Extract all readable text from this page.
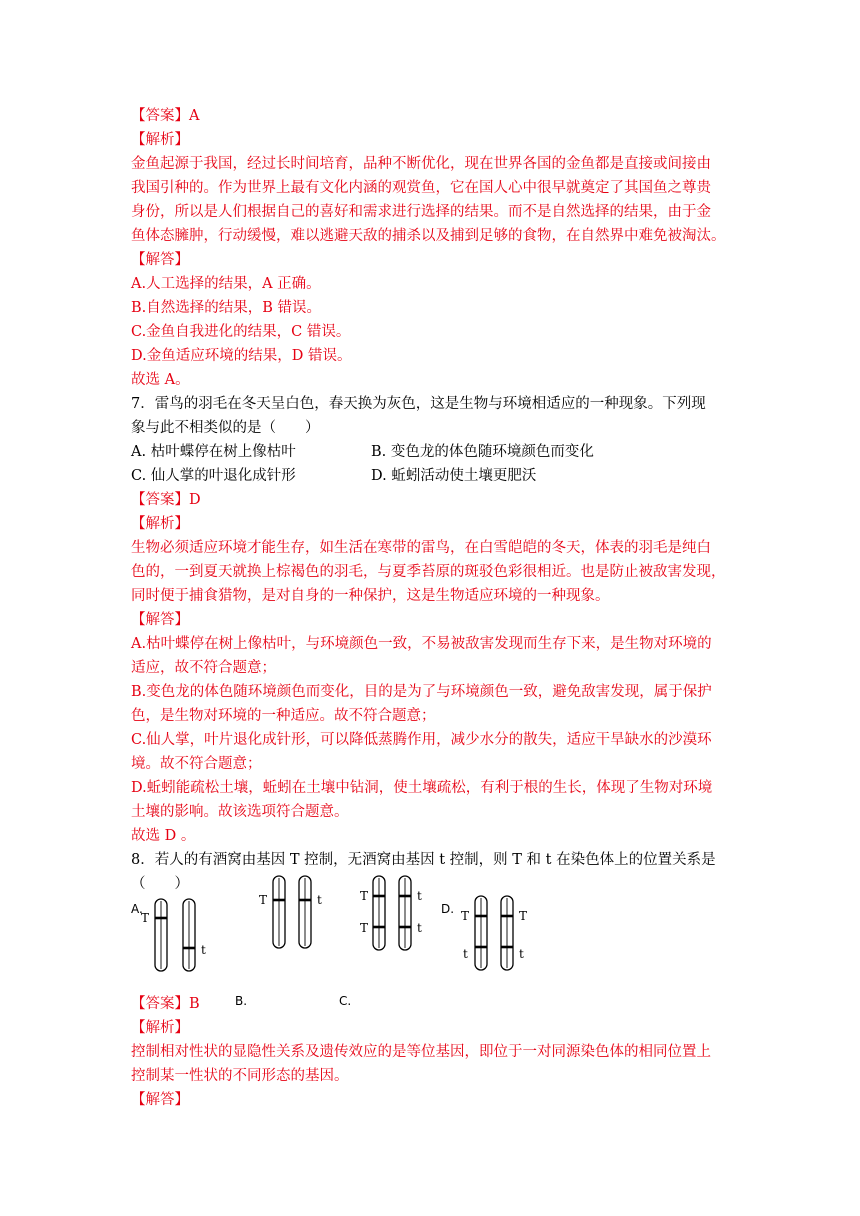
【答案】A
【解析】
金鱼起源于我国，经过长时间培育，品种不断优化，现在世界各国的金鱼都是直接或间接由
我国引种的。作为世界上最有文化内涵的观赏鱼，它在国人心中很早就奠定了其国鱼之尊贵
身份，所以是人们根据自己的喜好和需求进行选择的结果。而不是自然选择的结果，由于金
鱼体态臃肿，行动缓慢，难以逃避天敌的捕杀以及捕到足够的食物，在自然界中难免被淘汰。
【解答】
A.人工选择的结果，A 正确。
B.自然选择的结果，B 错误。
C.金鱼自我进化的结果，C 错误。
D.金鱼适应环境的结果，D 错误。
故选 A。
7．雷鸟的羽毛在冬天呈白色，春天换为灰色，这是生物与环境相适应的一种现象。下列现
象与此不相类似的是（　　）
A. 枯叶蝶停在树上像枯叶	B. 变色龙的体色随环境颜色而变化
C. 仙人掌的叶退化成针形	D. 蚯蚓活动使土壤更肥沃
【答案】D
【解析】
生物必须适应环境才能生存，如生活在寒带的雷鸟，在白雪皑皑的冬天，体表的羽毛是纯白
色的，一到夏天就换上棕褐色的羽毛，与夏季苔原的斑驳色彩很相近。也是防止被敌害发现，
同时便于捕食猎物，是对自身的一种保护，这是生物适应环境的一种现象。
【解答】
A.枯叶蝶停在树上像枯叶，与环境颜色一致，不易被敌害发现而生存下来，是生物对环境的
适应，故不符合题意；
B.变色龙的体色随环境颜色而变化，目的是为了与环境颜色一致，避免敌害发现，属于保护
色，是生物对环境的一种适应。故不符合题意；
C.仙人掌，叶片退化成针形，可以降低蒸腾作用，减少水分的散失，适应干旱缺水的沙漠环
境。故不符合题意；
D.蚯蚓能疏松土壤，蚯蚓在土壤中钻洞，使土壤疏松，有利于根的生长，体现了生物对环境
土壤的影响。故该选项符合题意。
故选 D 。
8．若人的有酒窝由基因 T 控制，无酒窝由基因 t 控制，则 T 和 t 在染色体上的位置关系是
（　　）
A.
B.	C.
D.
T
t
T	t	T
T
t
t
T
t
T
t
【答案】B
【解析】
控制相对性状的显隐性关系及遗传效应的是等位基因，即位于一对同源染色体的相同位置上
控制某一性状的不同形态的基因。
【解答】
